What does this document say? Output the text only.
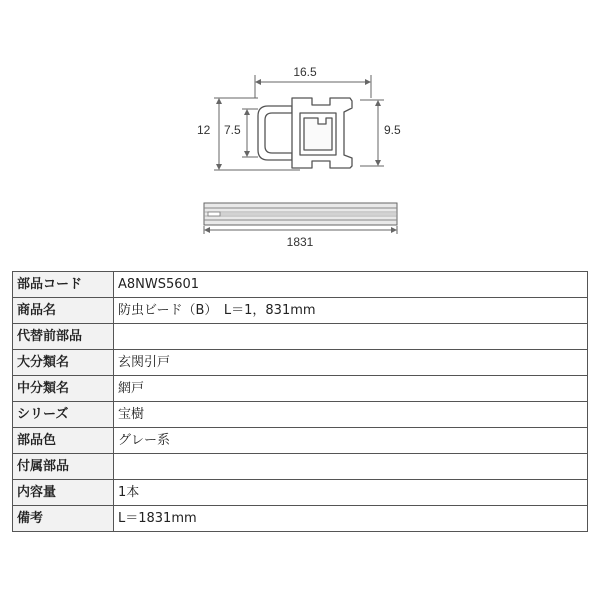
16.5
12 7.5	9.5
1831
部品コード	A8NWS5601
商品名	防虫ビード（B）　L＝1，831mm
代替前部品	
大分類名	玄関引戸
中分類名	網戸
シリーズ	宝樹
部品色	グレー系
付属部品	
内容量	1本
備考	L＝1831mm
